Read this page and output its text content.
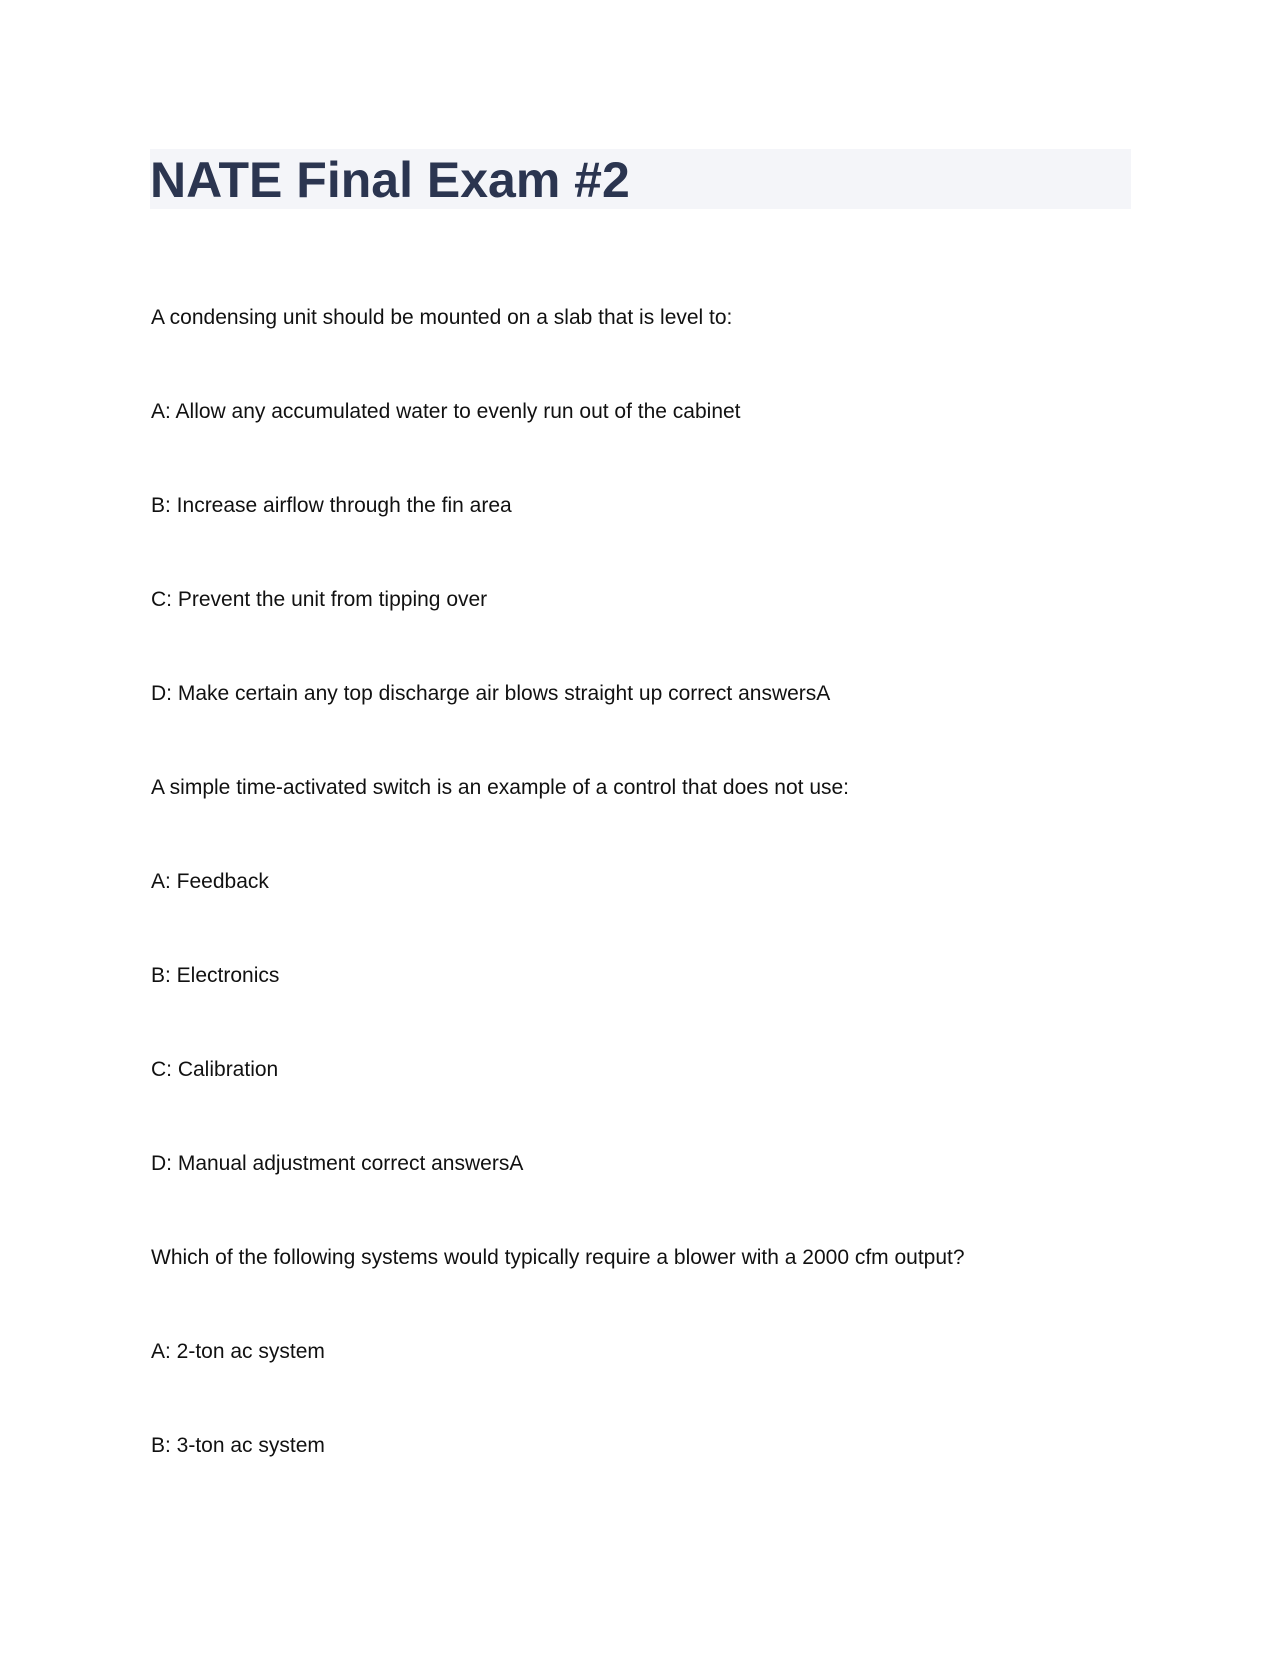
NATE Final Exam #2

A condensing unit should be mounted on a slab that is level to:

A: Allow any accumulated water to evenly run out of the cabinet

B: Increase airflow through the fin area

C: Prevent the unit from tipping over

D: Make certain any top discharge air blows straight up correct answersA

A simple time-activated switch is an example of a control that does not use:

A: Feedback

B: Electronics

C: Calibration

D: Manual adjustment correct answersA

Which of the following systems would typically require a blower with a 2000 cfm output?

A: 2-ton ac system

B: 3-ton ac system
